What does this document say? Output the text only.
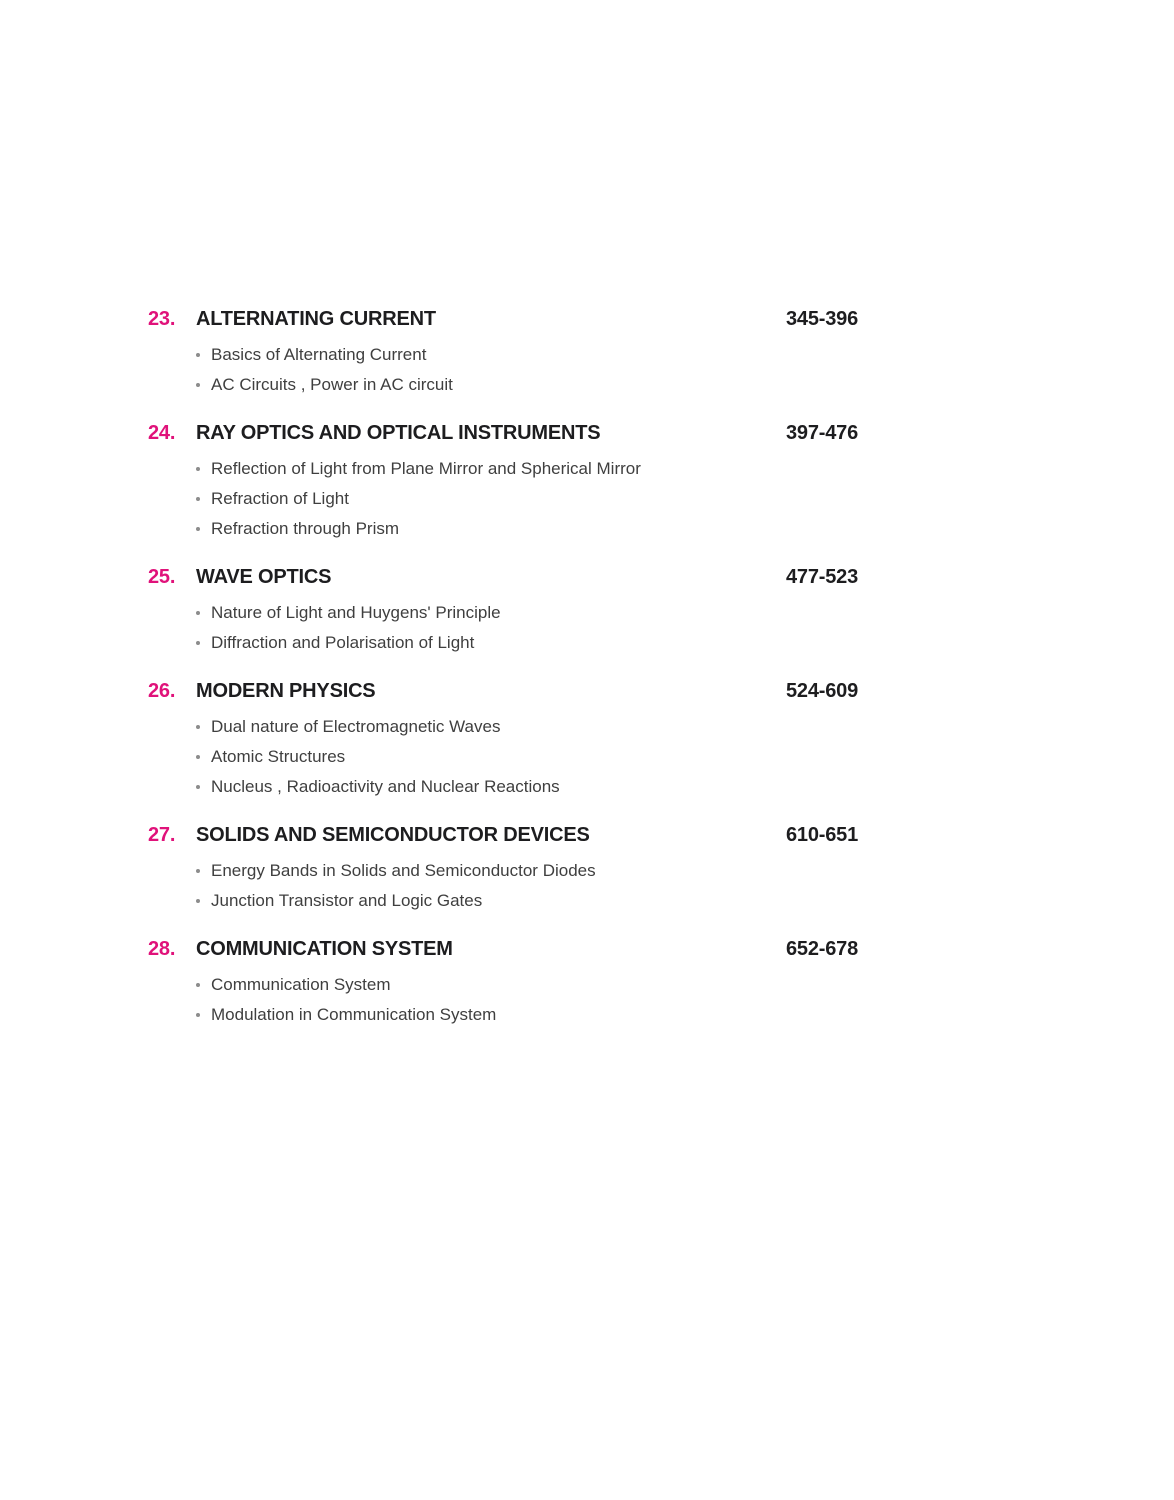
23.	ALTERNATING CURRENT	345-396
Basics of Alternating Current
AC Circuits , Power in AC circuit
24.	RAY OPTICS AND OPTICAL INSTRUMENTS	397-476
Reflection of Light from Plane Mirror and Spherical Mirror
Refraction of Light
Refraction through Prism
25.	WAVE OPTICS	477-523
Nature of Light and Huygens' Principle
Diffraction and Polarisation of Light
26.	MODERN PHYSICS	524-609
Dual nature of Electromagnetic Waves
Atomic Structures
Nucleus , Radioactivity and Nuclear Reactions
27.	SOLIDS AND SEMICONDUCTOR DEVICES	610-651
Energy Bands in Solids and Semiconductor Diodes
Junction Transistor and Logic Gates
28.	COMMUNICATION SYSTEM	652-678
Communication System
Modulation in Communication System
